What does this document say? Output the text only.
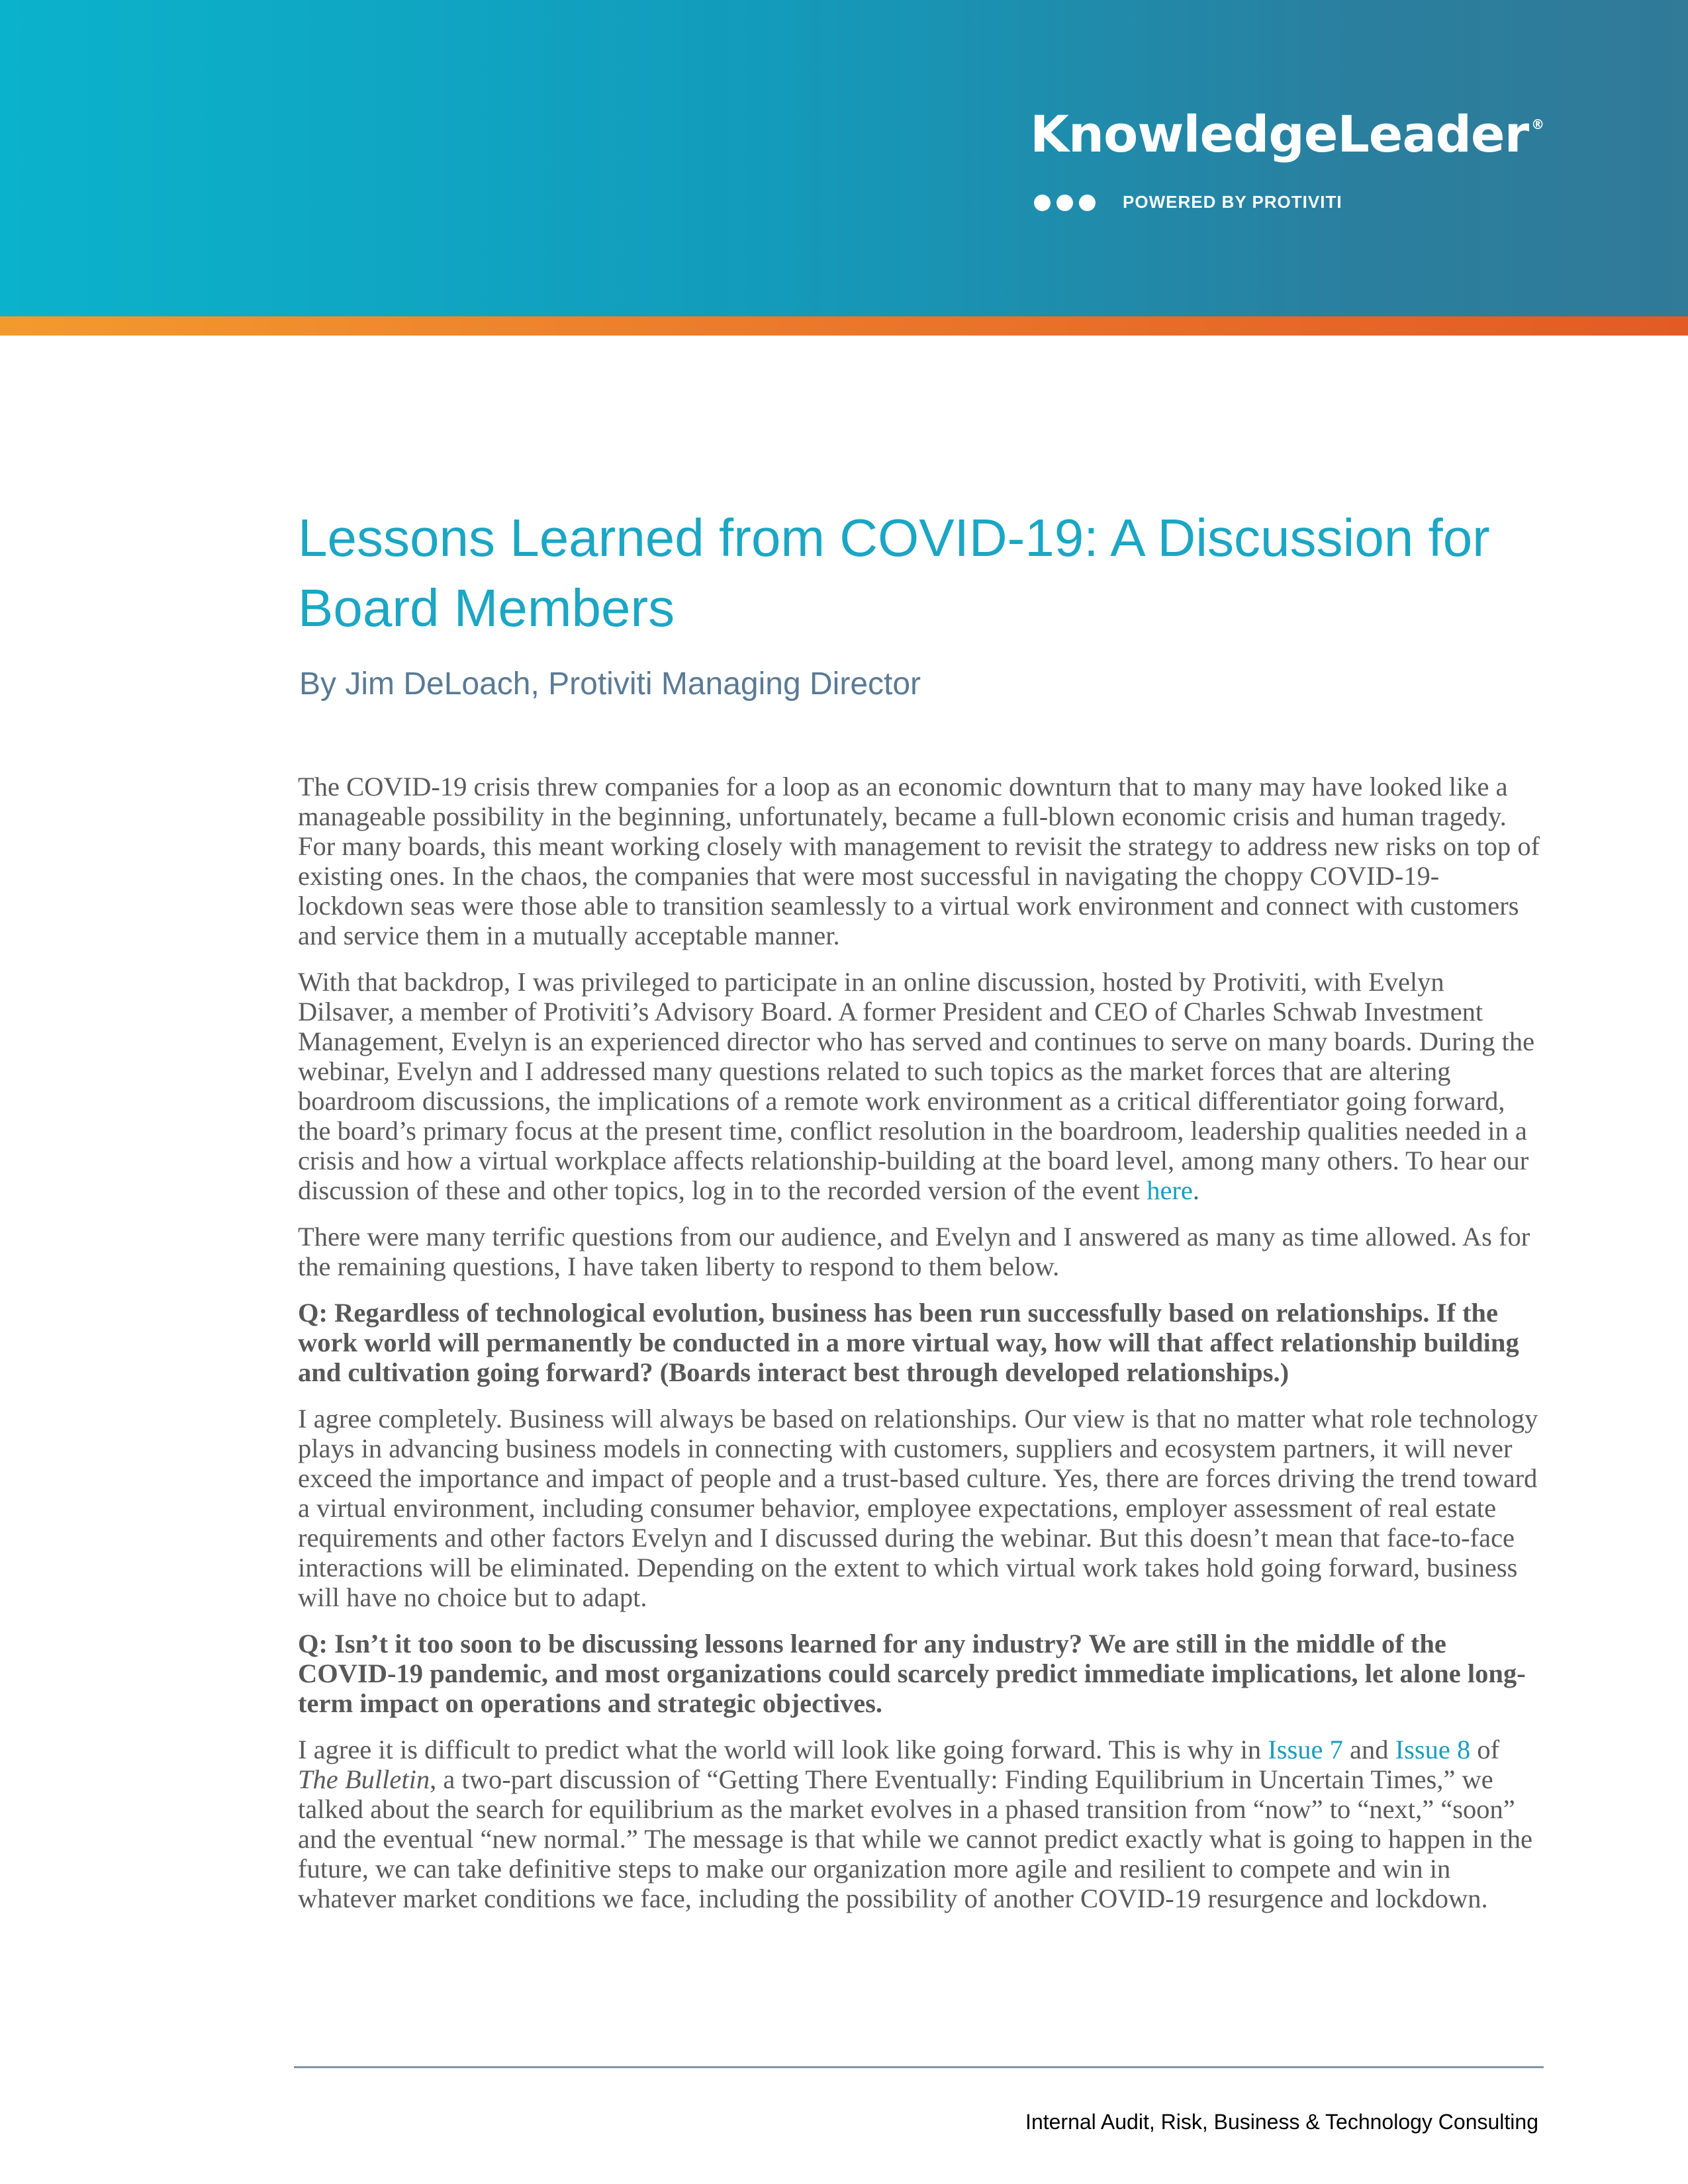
KnowledgeLeader ®
POWERED BY PROTIVITI
Lessons Learned from COVID-19: A Discussion for Board Members

By Jim DeLoach, Protiviti Managing Director

The COVID-19 crisis threw companies for a loop as an economic downturn that to many may have looked like a manageable possibility in the beginning, unfortunately, became a full-blown economic crisis and human tragedy. For many boards, this meant working closely with management to revisit the strategy to address new risks on top of existing ones. In the chaos, the companies that were most successful in navigating the choppy COVID-19-lockdown seas were those able to transition seamlessly to a virtual work environment and connect with customers and service them in a mutually acceptable manner.

With that backdrop, I was privileged to participate in an online discussion, hosted by Protiviti, with Evelyn Dilsaver, a member of Protiviti’s Advisory Board. A former President and CEO of Charles Schwab Investment Management, Evelyn is an experienced director who has served and continues to serve on many boards. During the webinar, Evelyn and I addressed many questions related to such topics as the market forces that are altering boardroom discussions, the implications of a remote work environment as a critical differentiator going forward, the board’s primary focus at the present time, conflict resolution in the boardroom, leadership qualities needed in a crisis and how a virtual workplace affects relationship-building at the board level, among many others. To hear our discussion of these and other topics, log in to the recorded version of the event here.

There were many terrific questions from our audience, and Evelyn and I answered as many as time allowed. As for the remaining questions, I have taken liberty to respond to them below.

Q: Regardless of technological evolution, business has been run successfully based on relationships. If the work world will permanently be conducted in a more virtual way, how will that affect relationship building and cultivation going forward? (Boards interact best through developed relationships.)

I agree completely. Business will always be based on relationships. Our view is that no matter what role technology plays in advancing business models in connecting with customers, suppliers and ecosystem partners, it will never exceed the importance and impact of people and a trust-based culture. Yes, there are forces driving the trend toward a virtual environment, including consumer behavior, employee expectations, employer assessment of real estate requirements and other factors Evelyn and I discussed during the webinar. But this doesn’t mean that face-to-face interactions will be eliminated. Depending on the extent to which virtual work takes hold going forward, business will have no choice but to adapt.

Q: Isn’t it too soon to be discussing lessons learned for any industry? We are still in the middle of the COVID-19 pandemic, and most organizations could scarcely predict immediate implications, let alone long-term impact on operations and strategic objectives.

I agree it is difficult to predict what the world will look like going forward. This is why in Issue 7 and Issue 8 of The Bulletin, a two-part discussion of “Getting There Eventually: Finding Equilibrium in Uncertain Times,” we talked about the search for equilibrium as the market evolves in a phased transition from “now” to “next,” “soon” and the eventual “new normal.” The message is that while we cannot predict exactly what is going to happen in the future, we can take definitive steps to make our organization more agile and resilient to compete and win in whatever market conditions we face, including the possibility of another COVID-19 resurgence and lockdown.

Internal Audit, Risk, Business & Technology Consulting
